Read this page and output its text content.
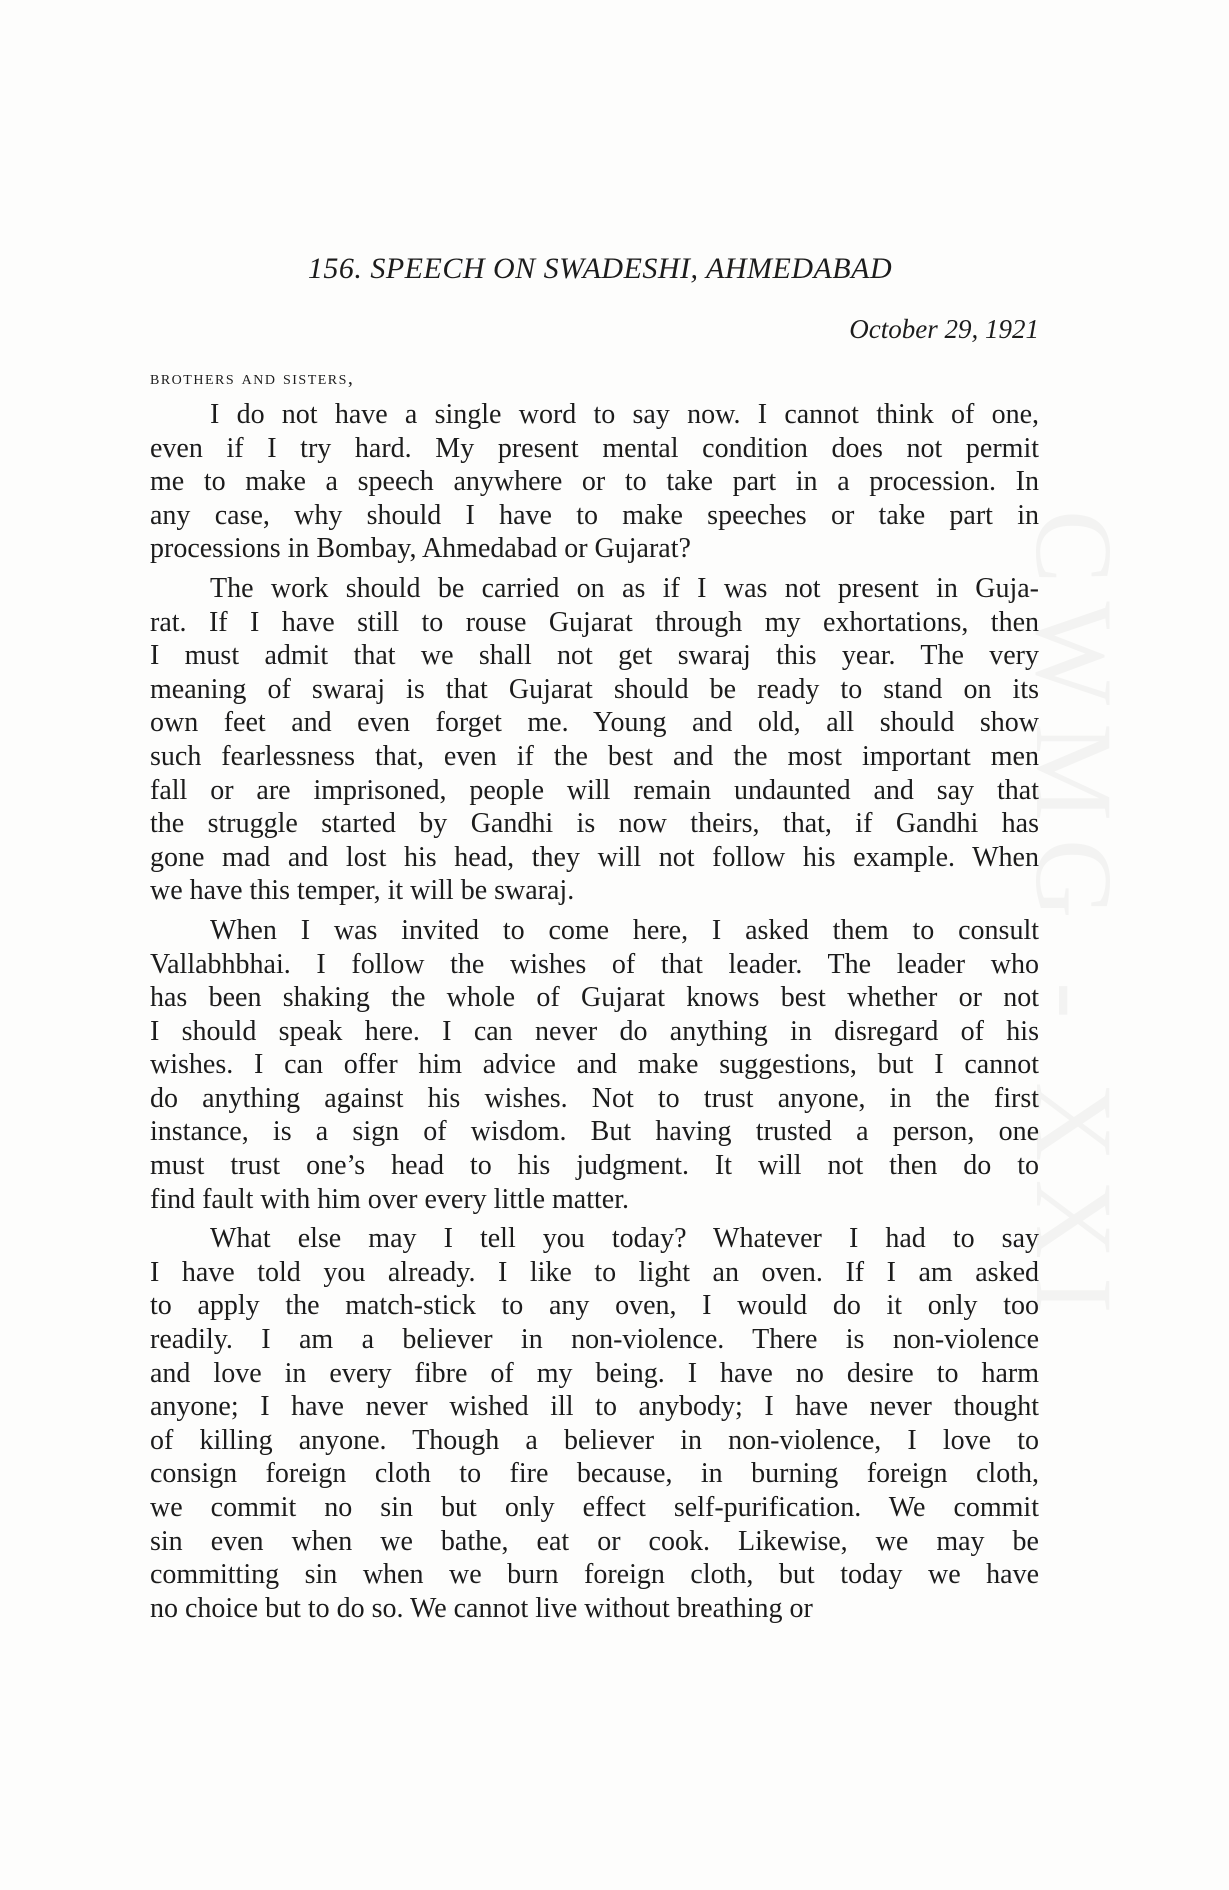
CWMG - XXI
156. SPEECH ON SWADESHI, AHMEDABAD
October 29, 1921
brothers and sisters,
I do not have a single word to say now. I cannot think of one,
even if I try hard. My present mental condition does not permit
me to make a speech anywhere or to take part in a procession. In
any case, why should I have to make speeches or take part in
processions in Bombay, Ahmedabad or Gujarat?
The work should be carried on as if I was not present in Guja-
rat. If I have still to rouse Gujarat through my exhortations, then
I must admit that we shall not get swaraj this year. The very
meaning of swaraj is that Gujarat should be ready to stand on its
own feet and even forget me. Young and old, all should show
such fearlessness that, even if the best and the most important men
fall or are imprisoned, people will remain undaunted and say that
the struggle started by Gandhi is now theirs, that, if Gandhi has
gone mad and lost his head, they will not follow his example. When
we have this temper, it will be swaraj.
When I was invited to come here, I asked them to consult
Vallabhbhai. I follow the wishes of that leader. The leader who
has been shaking the whole of Gujarat knows best whether or not
I should speak here. I can never do anything in disregard of his
wishes. I can offer him advice and make suggestions, but I cannot
do anything against his wishes. Not to trust anyone, in the first
instance, is a sign of wisdom. But having trusted a person, one
must trust one’s head to his judgment. It will not then do to
find fault with him over every little matter.
What else may I tell you today? Whatever I had to say
I have told you already. I like to light an oven. If I am asked
to apply the match-stick to any oven, I would do it only too
readily. I am a believer in non-violence. There is non-violence
and love in every fibre of my being. I have no desire to harm
anyone; I have never wished ill to anybody; I have never thought
of killing anyone. Though a believer in non-violence, I love to
consign foreign cloth to fire because, in burning foreign cloth,
we commit no sin but only effect self-purification. We commit
sin even when we bathe, eat or cook. Likewise, we may be
committing sin when we burn foreign cloth, but today we have
no choice but to do so. We cannot live without breathing or
